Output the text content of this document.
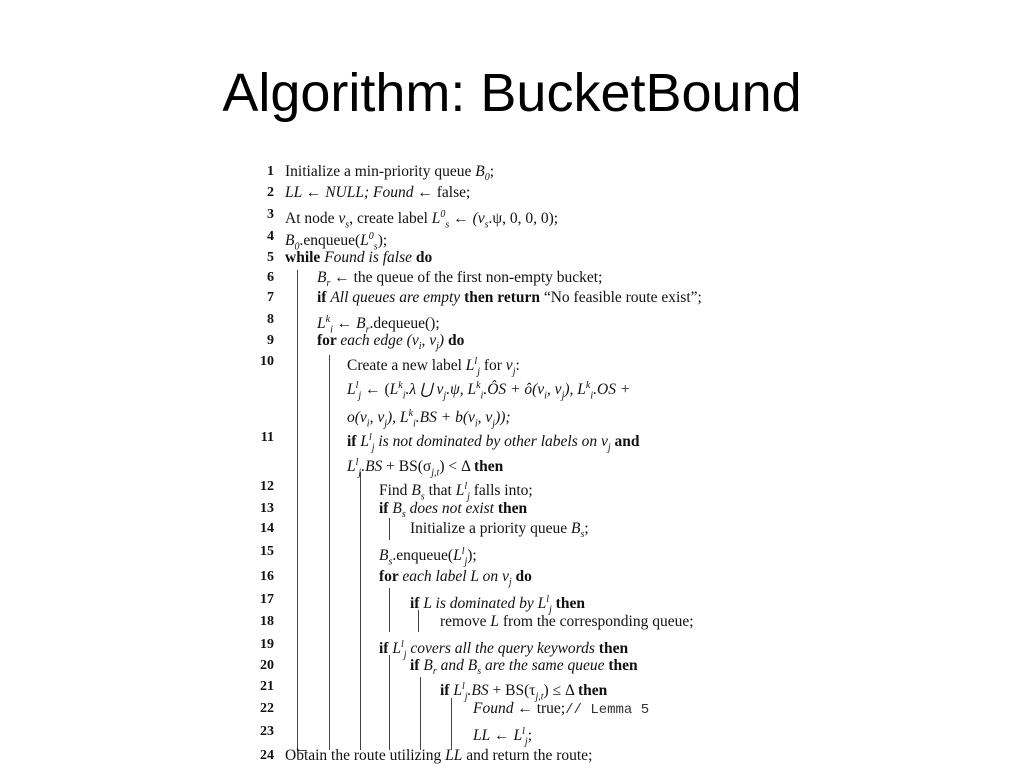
Algorithm: BucketBound
1 Initialize a min-priority queue $B_0$;
2 LL ← NULL; Found ← false;
3 At node $v_s$, create label $L^0_s$ ← ($v_s.\psi$, 0, 0, 0);
4 $B_0.enqueue(L^0_s)$;
5 while Found is false do
6	$B_r$ ← the queue of the first non-empty bucket;
7	if All queues are empty then return “No feasible route exist”;
8	$L^k_i$ ← $B_r.dequeue()$;
9	for each edge ($v_i$, $v_j$) do
10	Create a new label $L^l_j$ for $v_j$:
$L^l_j$ ← ($L^k_i.\lambda$ ⋃ $v_j.\psi$, $L^k_i.ÔS$ + $ô(v_i$, $v_j$), $L^k_i.OS$ +
$o(v_i$, $v_j$), $L^k_i.BS + b(v_i$, $v_j$));
11	if $L^l_j$ is not dominated by other labels on $v_j$ and
$L^l_j.BS + BS(\sigma_{j,t}) < \Delta$ then
12	Find $B_s$ that $L^l_j$ falls into;
13	if $B_s$ does not exist then
14	Initialize a priority queue $B_s$;
15	$B_s.enqueue(L^l_j)$;
16	for each label L on $v_j$ do
17	if L is dominated by $L^l_j$ then
18	remove L from the corresponding queue;
19	if $L^l_j$ covers all the query keywords then
20	if $B_r$ and $B_s$ are the same queue then
21	if $L^l_j.BS + BS(\tau_{j,t}) \le \Delta$ then
22	Found ← true;// Lemma 5
23	LL ← $L^l_j$;
24 Obtain the route utilizing LL and return the route;
